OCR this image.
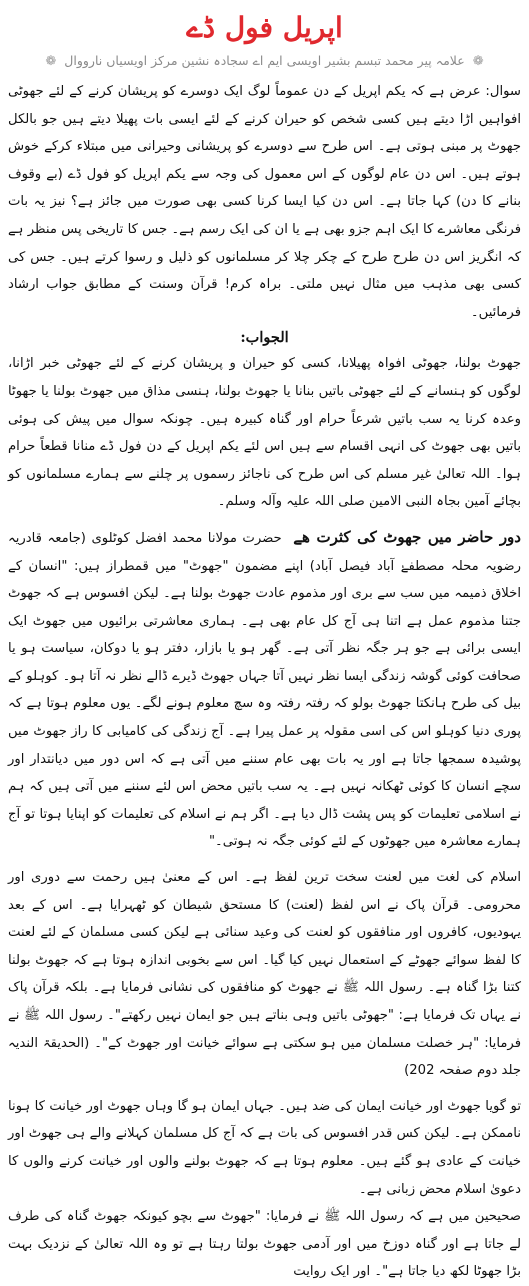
اپریل فول ڈے
❁ علامہ پیر محمد تبسم بشیر اویسی ایم اے سجادہ نشین مرکز اویسیاں نارووال ❁

سوال: عرض ہے کہ یکم اپریل کے دن عموماً لوگ ایک دوسرے کو پریشان کرنے کے لئے جھوٹی افواہیں اڑا دیتے ہیں کسی شخص کو حیران کرنے کے لئے ایسی بات پھیلا دیتے ہیں جو بالکل جھوٹ پر مبنی ہوتی ہے۔ اس طرح سے دوسرے کو پریشانی وحیرانی میں مبتلاء کرکے خوش ہوتے ہیں۔ اس دن عام لوگوں کے اس معمول کی وجہ سے یکم اپریل کو فول ڈے (بے وقوف بنانے کا دن) کہا جاتا ہے۔ اس دن کیا ایسا کرنا کسی بھی صورت میں جائز ہے؟ نیز یہ بات فرنگی معاشرے کا ایک اہم جزو بھی ہے یا ان کی ایک رسم ہے۔ جس کا تاریخی پس منظر ہے کہ انگریز اس دن طرح طرح کے چکر چلا کر مسلمانوں کو ذلیل و رسوا کرتے ہیں۔ جس کی کسی بھی مذہب میں مثال نہیں ملتی۔ براہ کرم! قرآن وسنت کے مطابق جواب ارشاد فرمائیں۔

الجواب:

جھوٹ بولنا، جھوٹی افواہ پھیلانا، کسی کو حیران و پریشان کرنے کے لئے جھوٹی خبر اڑانا، لوگوں کو ہنسانے کے لئے جھوٹی باتیں بنانا یا جھوٹ بولنا، ہنسی مذاق میں جھوٹ بولنا یا جھوٹا وعدہ کرنا یہ سب باتیں شرعاً حرام اور گناہ کبیرہ ہیں۔ چونکہ سوال میں پیش کی ہوئی باتیں بھی جھوٹ کی انہی اقسام سے ہیں اس لئے یکم اپریل کے دن فول ڈے منانا قطعاً حرام ہوا۔ اللہ تعالیٰ غیر مسلم کی اس طرح کی ناجائز رسموں پر چلنے سے ہمارے مسلمانوں کو بچائے آمین بجاہ النبی الامین صلی اللہ علیہ وآلہ وسلم۔

دور حاضر میں جھوٹ کی کثرت ھے حضرت مولانا محمد افضل کوٹلوی (جامعہ قادریہ رضویہ محلہ مصطفےٰ آباد فیصل آباد) اپنے مضمون "جھوٹ" میں قمطراز ہیں: "انسان کے اخلاق ذمیمہ میں سب سے بری اور مذموم عادت جھوٹ بولنا ہے۔ لیکن افسوس ہے کہ جھوٹ جتنا مذموم عمل ہے اتنا ہی آج کل عام بھی ہے۔ ہماری معاشرتی برائیوں میں جھوٹ ایک ایسی برائی ہے جو ہر جگہ نظر آتی ہے۔ گھر ہو یا بازار، دفتر ہو یا دوکان، سیاست ہو یا صحافت کوئی گوشہ زندگی ایسا نظر نہیں آتا جہاں جھوٹ ڈیرے ڈالے نظر نہ آتا ہو۔ کوہلو کے بیل کی طرح ہانکتا جھوٹ بولو کہ رفتہ رفتہ وہ سچ معلوم ہونے لگے۔ یوں معلوم ہوتا ہے کہ پوری دنیا کوہلو اس کی اسی مقولہ پر عمل پیرا ہے۔ آج زندگی کی کامیابی کا راز جھوٹ میں پوشیدہ سمجھا جاتا ہے اور یہ بات بھی عام سننے میں آتی ہے کہ اس دور میں دیانتدار اور سچے انسان کا کوئی ٹھکانہ نہیں ہے۔ یہ سب باتیں محض اس لئے سننے میں آتی ہیں کہ ہم نے اسلامی تعلیمات کو پس پشت ڈال دیا ہے۔ اگر ہم نے اسلام کی تعلیمات کو اپنایا ہوتا تو آج ہمارے معاشرہ میں جھوٹوں کے لئے کوئی جگہ نہ ہوتی۔"

اسلام کی لغت میں لعنت سخت ترین لفظ ہے۔ اس کے معنیٰ ہیں رحمت سے دوری اور محرومی۔ قرآن پاک نے اس لفظ (لعنت) کا مستحق شیطان کو ٹھہرایا ہے۔ اس کے بعد یہودیوں، کافروں اور منافقوں کو لعنت کی وعید سنائی ہے لیکن کسی مسلمان کے لئے لعنت کا لفظ سوائے جھوٹے کے استعمال نہیں کیا گیا۔ اس سے بخوبی اندازہ ہوتا ہے کہ جھوٹ بولنا کتنا بڑا گناہ ہے۔ رسول اللہ ﷺ نے جھوٹ کو منافقوں کی نشانی فرمایا ہے۔ بلکہ قرآن پاک نے یہاں تک فرمایا ہے: "جھوٹی باتیں وہی بناتے ہیں جو ایمان نہیں رکھتے"۔ رسول اللہ ﷺ نے فرمایا: "ہر خصلت مسلمان میں ہو سکتی ہے سوائے خیانت اور جھوٹ کے"۔ (الحدیقۃ الندیہ جلد دوم صفحہ 202)

تو گویا جھوٹ اور خیانت ایمان کی ضد ہیں۔ جہاں ایمان ہو گا وہاں جھوٹ اور خیانت کا ہونا ناممکن ہے۔ لیکن کس قدر افسوس کی بات ہے کہ آج کل مسلمان کہلانے والے ہی جھوٹ اور خیانت کے عادی ہو گئے ہیں۔ معلوم ہوتا ہے کہ جھوٹ بولنے والوں اور خیانت کرنے والوں کا دعویٰ اسلام محض زبانی ہے۔

صحیحین میں ہے کہ رسول اللہ ﷺ نے فرمایا: "جھوٹ سے بچو کیونکہ جھوٹ گناہ کی طرف لے جاتا ہے اور گناہ دوزخ میں اور آدمی جھوٹ بولتا رہتا ہے تو وہ اللہ تعالیٰ کے نزدیک بہت بڑا جھوٹا لکھ دیا جاتا ہے"۔ اور ایک روایت
